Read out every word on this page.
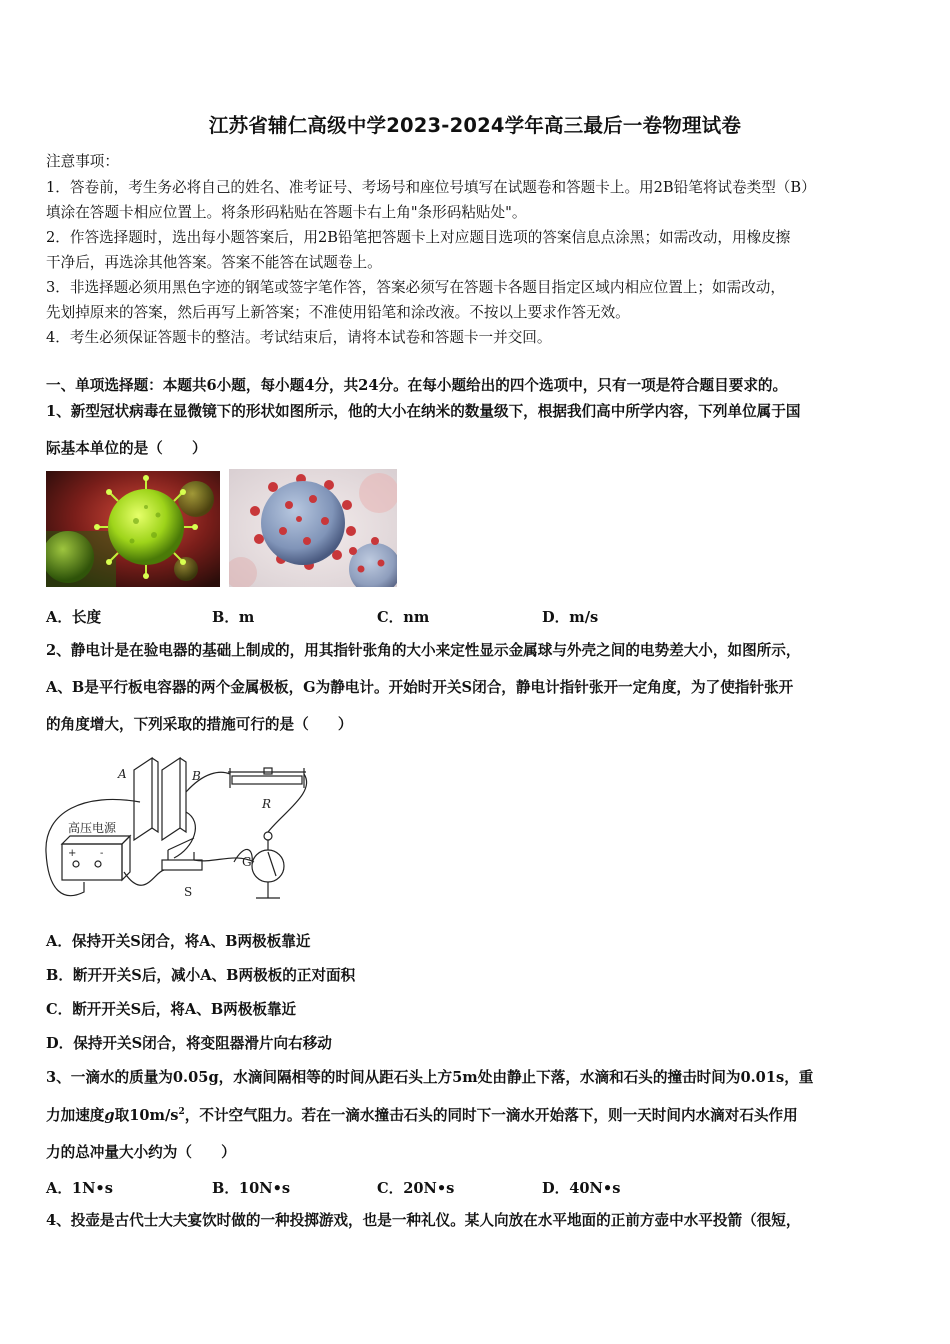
江苏省辅仁高级中学2023-2024学年高三最后一卷物理试卷
注意事项：
1．答卷前，考生务必将自己的姓名、准考证号、考场号和座位号填写在试题卷和答题卡上。用2B铅笔将试卷类型（B）
填涂在答题卡相应位置上。将条形码粘贴在答题卡右上角"条形码粘贴处"。
2．作答选择题时，选出每小题答案后，用2B铅笔把答题卡上对应题目选项的答案信息点涂黑；如需改动，用橡皮擦
干净后，再选涂其他答案。答案不能答在试题卷上。
3．非选择题必须用黑色字迹的钢笔或签字笔作答，答案必须写在答题卡各题目指定区域内相应位置上；如需改动，
先划掉原来的答案，然后再写上新答案；不准使用铅笔和涂改液。不按以上要求作答无效。
4．考生必须保证答题卡的整洁。考试结束后，请将本试卷和答题卡一并交回。
一、单项选择题：本题共6小题，每小题4分，共24分。在每小题给出的四个选项中，只有一项是符合题目要求的。
1、新型冠状病毒在显微镜下的形状如图所示，他的大小在纳米的数量级下，根据我们高中所学内容，下列单位属于国
际基本单位的是（　　）
A．长度	B．m	C．nm	D．m/s
2、静电计是在验电器的基础上制成的，用其指针张角的大小来定性显示金属球与外壳之间的电势差大小，如图所示，
A、B是平行板电容器的两个金属极板，G为静电计。开始时开关S闭合，静电计指针张开一定角度，为了使指针张开
的角度增大，下列采取的措施可行的是（　　）
A	B
R
G
S
高压电源
+ -
A．保持开关S闭合，将A、B两极板靠近
B．断开开关S后，减小A、B两极板的正对面积
C．断开开关S后，将A、B两极板靠近
D．保持开关S闭合，将变阻器滑片向右移动
3、一滴水的质量为0.05g，水滴间隔相等的时间从距石头上方5m处由静止下落，水滴和石头的撞击时间为0.01s，重
力加速度g取$10m/s^2$，不计空气阻力。若在一滴水撞击石头的同时下一滴水开始落下，则一天时间内水滴对石头作用
力的总冲量大小约为（　　）
A．1N•s	B．10N•s	C．20N•s	D．40N•s
4、投壶是古代士大夫宴饮时做的一种投掷游戏，也是一种礼仪。某人向放在水平地面的正前方壶中水平投箭（很短，
